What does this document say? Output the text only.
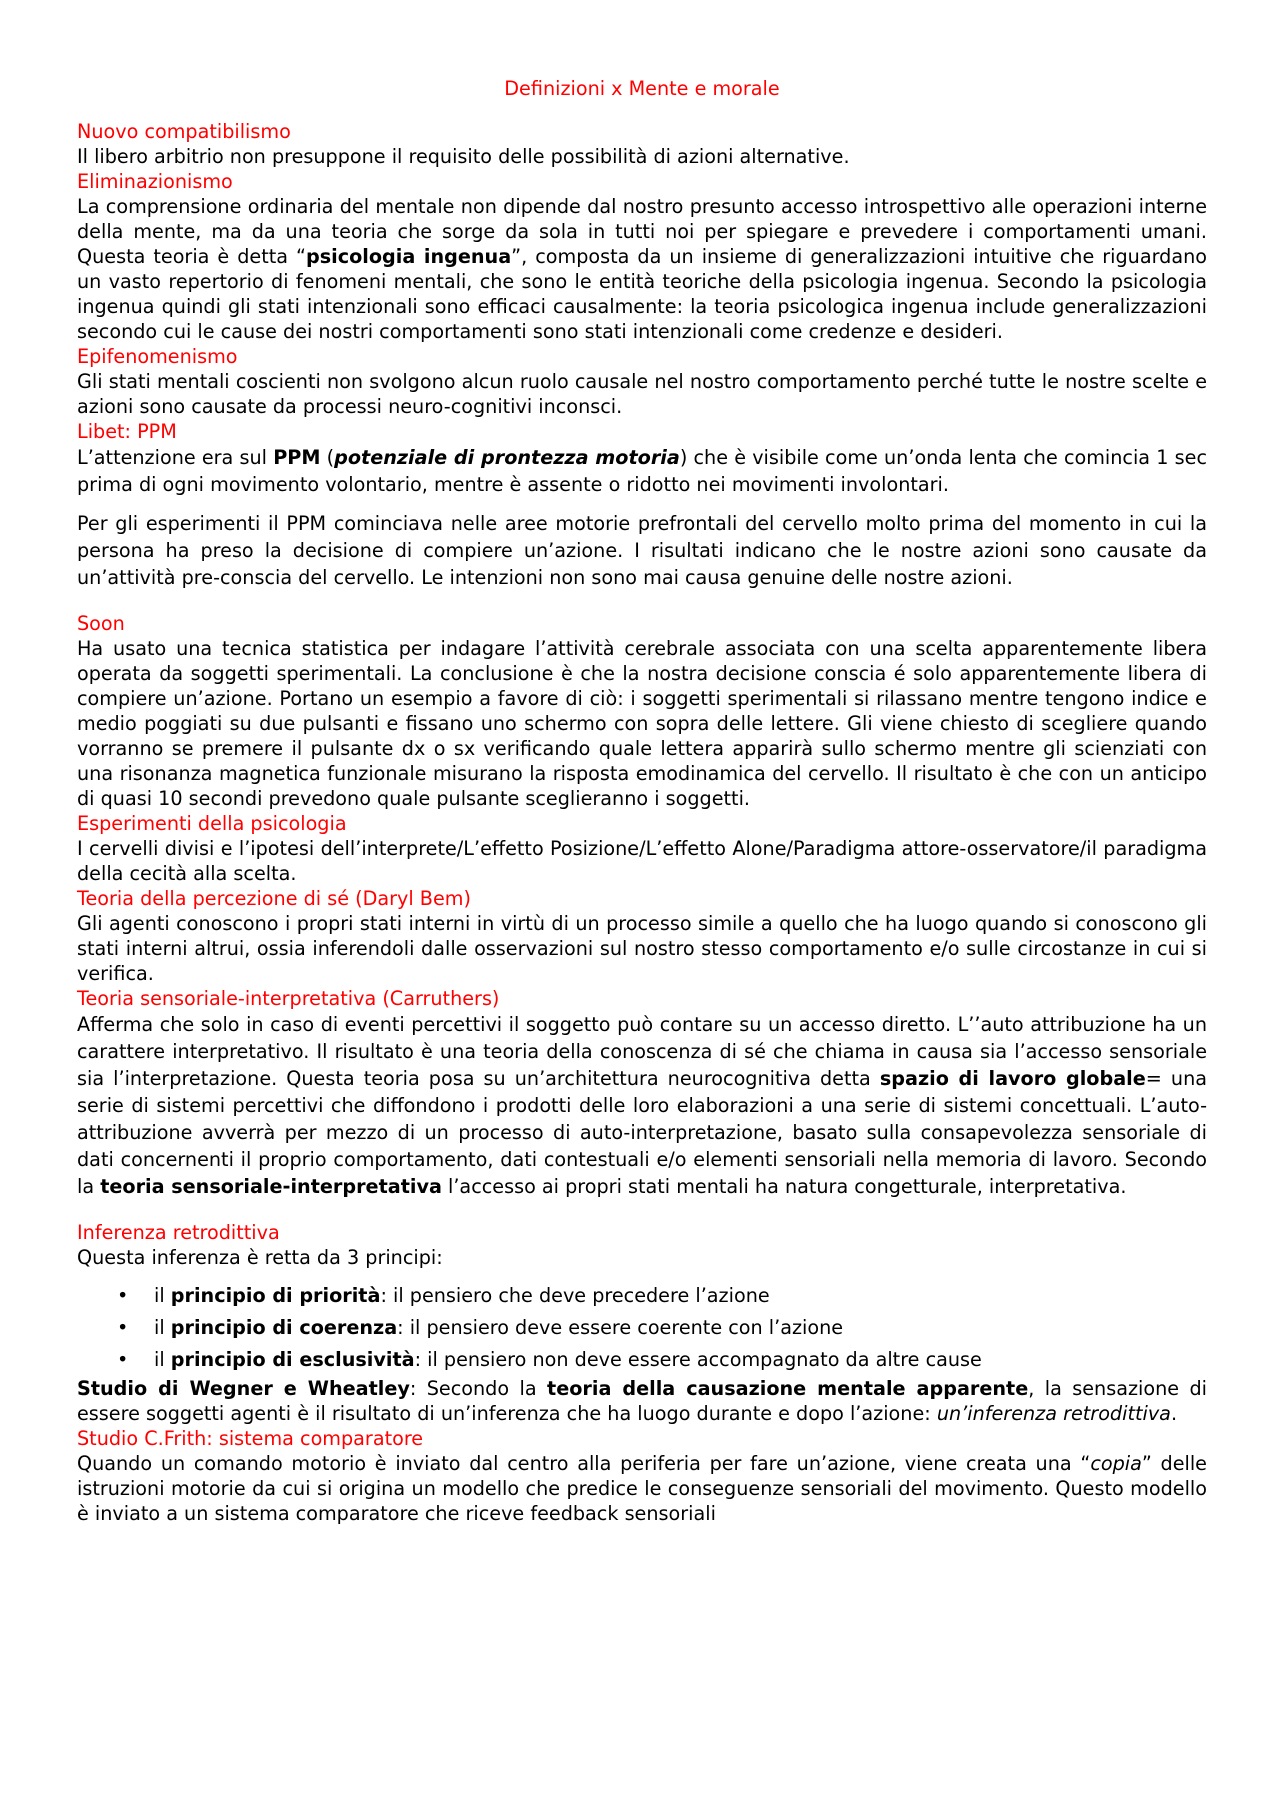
Definizioni x Mente e morale
Nuovo compatibilismo
Il libero arbitrio non presuppone il requisito delle possibilità di azioni alternative.
Eliminazionismo
La comprensione ordinaria del mentale non dipende dal nostro presunto accesso introspettivo alle operazioni interne della mente, ma da una teoria che sorge da sola in tutti noi per spiegare e prevedere i comportamenti umani. Questa teoria è detta “psicologia ingenua”, composta da un insieme di generalizzazioni intuitive che riguardano un vasto repertorio di fenomeni mentali, che sono le entità teoriche della psicologia ingenua. Secondo la psicologia ingenua quindi gli stati intenzionali sono efficaci causalmente: la teoria psicologica ingenua include generalizzazioni secondo cui le cause dei nostri comportamenti sono stati intenzionali come credenze e desideri.
Epifenomenismo
Gli stati mentali coscienti non svolgono alcun ruolo causale nel nostro comportamento perché tutte le nostre scelte e azioni sono causate da processi neuro-cognitivi inconsci.
Libet: PPM
L’attenzione era sul PPM (potenziale di prontezza motoria) che è visibile come un’onda lenta che comincia 1 sec prima di ogni movimento volontario, mentre è assente o ridotto nei movimenti involontari.
Per gli esperimenti il PPM cominciava nelle aree motorie prefrontali del cervello molto prima del momento in cui la persona ha preso la decisione di compiere un’azione. I risultati indicano che le nostre azioni sono causate da un’attività pre-conscia del cervello. Le intenzioni non sono mai causa genuine delle nostre azioni.
Soon
Ha usato una tecnica statistica per indagare l’attività cerebrale associata con una scelta apparentemente libera operata da soggetti sperimentali. La conclusione è che la nostra decisione conscia é solo apparentemente libera di compiere un’azione. Portano un esempio a favore di ciò: i soggetti sperimentali si rilassano mentre tengono indice e medio poggiati su due pulsanti e fissano uno schermo con sopra delle lettere. Gli viene chiesto di scegliere quando vorranno se premere il pulsante dx o sx verificando quale lettera apparirà sullo schermo mentre gli scienziati con una risonanza magnetica funzionale misurano la risposta emodinamica del cervello. Il risultato è che con un anticipo di quasi 10 secondi prevedono quale pulsante sceglieranno i soggetti.
Esperimenti della psicologia
I cervelli divisi e l’ipotesi dell’interprete/L’effetto Posizione/L’effetto Alone/Paradigma attore-osservatore/il paradigma della cecità alla scelta.
Teoria della percezione di sé (Daryl Bem)
Gli agenti conoscono i propri stati interni in virtù di un processo simile a quello che ha luogo quando si conoscono gli stati interni altrui, ossia inferendoli dalle osservazioni sul nostro stesso comportamento e/o sulle circostanze in cui si verifica.
Teoria sensoriale-interpretativa (Carruthers)
Afferma che solo in caso di eventi percettivi il soggetto può contare su un accesso diretto. L’’auto attribuzione ha un carattere interpretativo. Il risultato è una teoria della conoscenza di sé che chiama in causa sia l’accesso sensoriale sia l’interpretazione. Questa teoria posa su un’architettura neurocognitiva detta spazio di lavoro globale= una serie di sistemi percettivi che diffondono i prodotti delle loro elaborazioni a una serie di sistemi concettuali. L’auto-attribuzione avverrà per mezzo di un processo di auto-interpretazione, basato sulla consapevolezza sensoriale di dati concernenti il proprio comportamento, dati contestuali e/o elementi sensoriali nella memoria di lavoro. Secondo la teoria sensoriale-interpretativa l’accesso ai propri stati mentali ha natura congetturale, interpretativa.
Inferenza retrodittiva
Questa inferenza è retta da 3 principi:
• il principio di priorità: il pensiero che deve precedere l’azione
• il principio di coerenza: il pensiero deve essere coerente con l’azione
• il principio di esclusività: il pensiero non deve essere accompagnato da altre cause
Studio di Wegner e Wheatley: Secondo la teoria della causazione mentale apparente, la sensazione di essere soggetti agenti è il risultato di un’inferenza che ha luogo durante e dopo l’azione: un’inferenza retrodittiva.
Studio C.Frith: sistema comparatore
Quando un comando motorio è inviato dal centro alla periferia per fare un’azione, viene creata una “copia” delle istruzioni motorie da cui si origina un modello che predice le conseguenze sensoriali del movimento. Questo modello è inviato a un sistema comparatore che riceve feedback sensoriali
